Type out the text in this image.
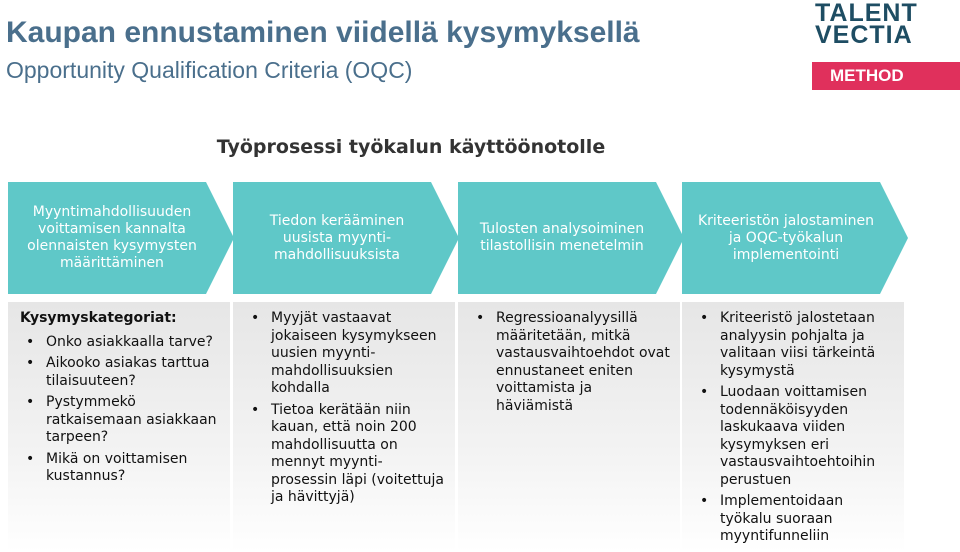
Kaupan ennustaminen viidellä kysymyksellä
Opportunity Qualification Criteria (OQC)
TALENT
VECTIA
METHOD
Työprosessi työkalun käyttöönotolle
Myyntimahdollisuuden voittamisen kannalta olennaisten kysymysten määrittäminen
Tiedon kerääminen uusista myynti-mahdollisuuksista
Tulosten analysoiminen tilastollisin menetelmin
Kriteeristön jalostaminen ja OQC-työkalun implementointi
Kysymyskategoriat:
• Onko asiakkaalla tarve?
• Aikooko asiakas tarttua tilaisuuteen?
• Pystymmekö ratkaisemaan asiakkaan tarpeen?
• Mikä on voittamisen kustannus?
• Myyjät vastaavat jokaiseen kysymykseen uusien myynti-mahdollisuuksien kohdalla
• Tietoa kerätään niin kauan, että noin 200 mahdollisuutta on mennyt myynti-prosessin läpi (voitettuja ja hävittyjä)
• Regressioanalyysillä määritetään, mitkä vastausvaihtoehdot ovat ennustaneet eniten voittamista ja häviämistä
• Kriteeristö jalostetaan analyysin pohjalta ja valitaan viisi tärkeintä kysymystä
• Luodaan voittamisen todennäköisyyden laskukaava viiden kysymyksen eri vastausvaihtoehtoihin perustuen
• Implementoidaan työkalu suoraan myyntifunneliin
